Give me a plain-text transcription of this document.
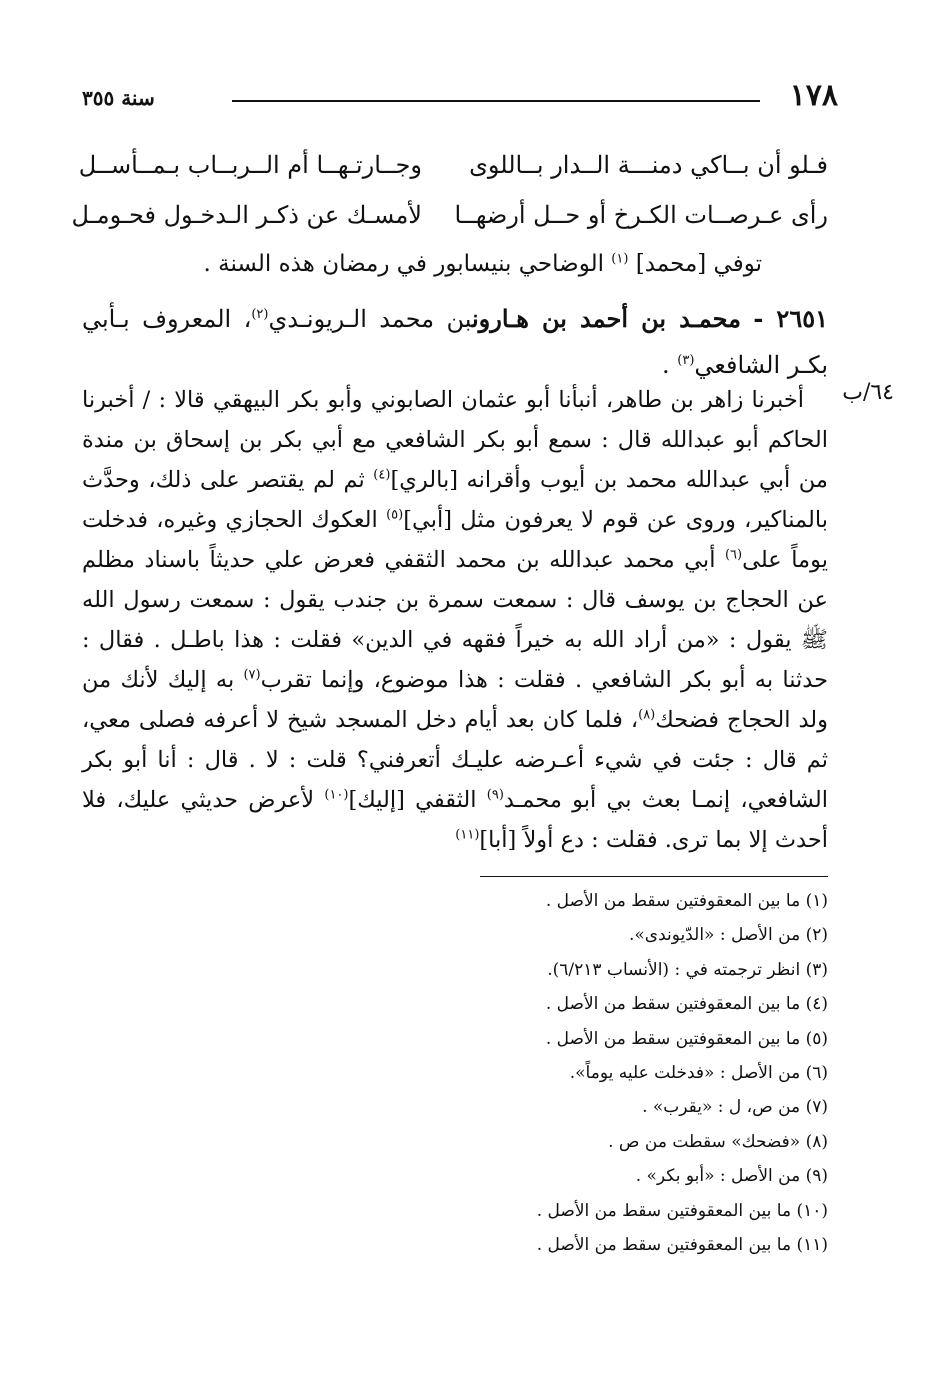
١٧٨
سنة ٣٥٥
فـلو أن بــاكي دمنـــة الــدار بــاللوى
وجــارتـهــا أم الــربــاب بـمــأســل
رأى عـرصــات الكـرخ أو حــل أرضهــا
لأمسـك عن ذكـر الـدخـول فحـومـل
توفي [محمد] $^{(١)}$ الوضاحي بنيسابور في رمضان هذه السنة .
٢٦٥١ - محمـد بن أحمد بن هـارونبن محمد الـريونـدي$^{(٢)}$، المعروف بـأبي بكـر الشافعي$^{(٣)}$ .
٦٤/ب

أخبرنا زاهر بن طاهر، أنبأنا أبو عثمان الصابوني وأبو بكر البيهقي قالا : / أخبرنا الحاكم أبو عبدالله قال : سمع أبو بكر الشافعي مع أبي بكر بن إسحاق بن مندة من أبي عبدالله محمد بن أيوب وأقرانه [بالري]$^{(٤)}$ ثم لم يقتصر على ذلك، وحدَّث بالمناكير، وروى عن قوم لا يعرفون مثل [أبي]$^{(٥)}$ العكوك الحجازي وغيره، فدخلت يوماً على$^{(٦)}$ أبي محمد عبدالله بن محمد الثقفي فعرض علي حديثاً باسناد مظلم عن الحجاج بن يوسف قال : سمعت سمرة بن جندب يقول : سمعت رسول الله ﷺ يقول : «من أراد الله به خيراً فقهه في الدين» فقلت : هذا باطـل . فقال : حدثنا به أبو بكر الشافعي . فقلت : هذا موضوع، وإنما تقرب$^{(٧)}$ به إليك لأنك من ولد الحجاج فضحك$^{(٨)}$، فلما كان بعد أيام دخل المسجد شيخ لا أعرفه فصلى معي، ثم قال : جئت في شيء أعـرضه عليـك أتعرفني؟ قلت : لا . قال : أنا أبو بكر الشافعي، إنمـا بعث بي أبو محمـد$^{(٩)}$ الثقفي [إليك]$^{(١٠)}$ لأعرض حديثي عليك، فلا أحدث إلا بما ترى. فقلت : دع أولاً [أبا]$^{(١١)}$

(١) ما بين المعقوفتين سقط من الأصل .
(٢) من الأصل : «الدّيوندى».
(٣) انظر ترجمته في : (الأنساب ٦/٢١٣).
(٤) ما بين المعقوفتين سقط من الأصل .
(٥) ما بين المعقوفتين سقط من الأصل .
(٦) من الأصل : «فدخلت عليه يوماً».
(٧) من ص، ل : «يقرب» .
(٨) «فضحك» سقطت من ص .
(٩) من الأصل : «أبو بكر» .
(١٠) ما بين المعقوفتين سقط من الأصل .
(١١) ما بين المعقوفتين سقط من الأصل .
